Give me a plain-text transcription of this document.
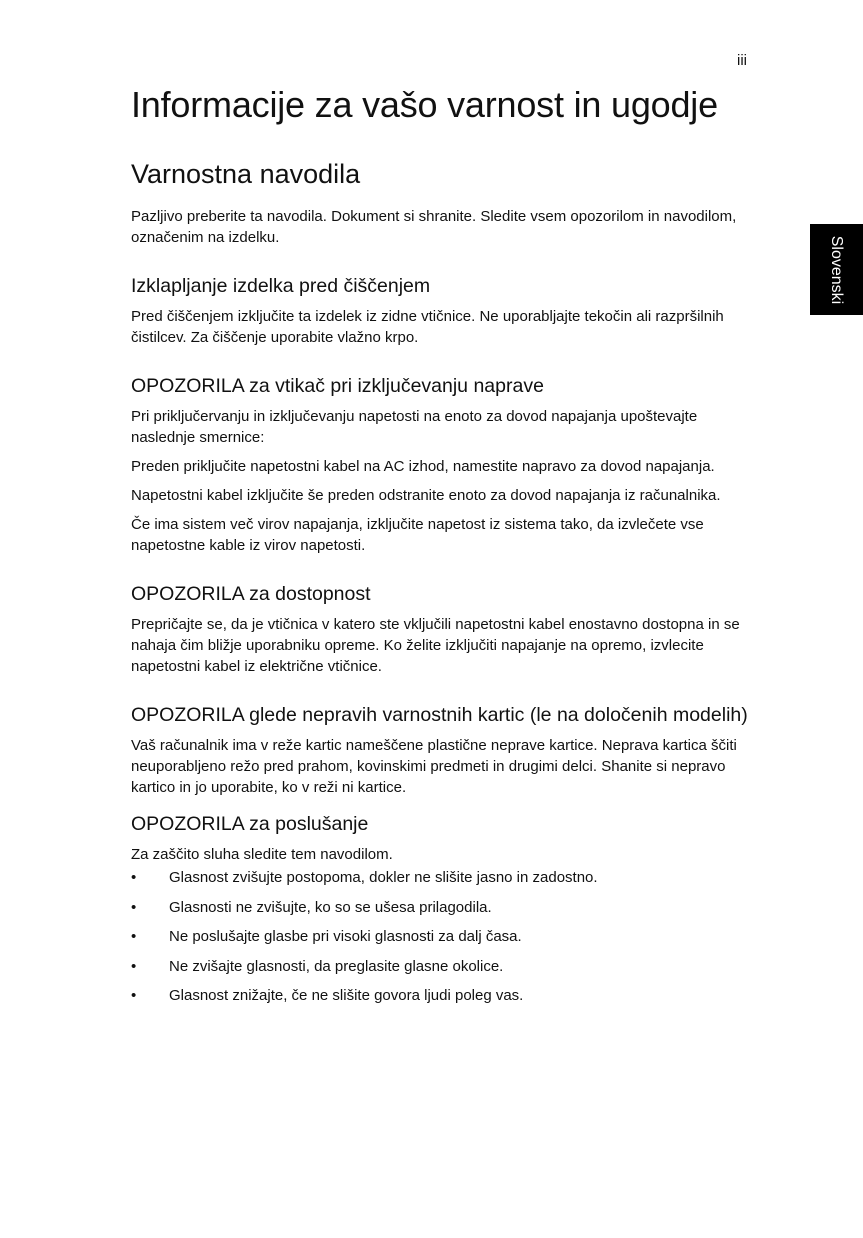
iii
Slovenski
Informacije za vašo varnost in ugodje
Varnostna navodila

Pazljivo preberite ta navodila. Dokument si shranite. Sledite vsem opozorilom in navodilom, označenim na izdelku.

Izklapljanje izdelka pred čiščenjem

Pred čiščenjem izključite ta izdelek iz zidne vtičnice. Ne uporabljajte tekočin ali razpršilnih čistilcev. Za čiščenje uporabite vlažno krpo.

OPOZORILA za vtikač pri izključevanju naprave

Pri priključervanju in izključevanju napetosti na enoto za dovod napajanja upoštevajte naslednje smernice:

Preden priključite napetostni kabel na AC izhod, namestite napravo za dovod napajanja.

Napetostni kabel izključite še preden odstranite enoto za dovod napajanja iz računalnika.

Če ima sistem več virov napajanja, izključite napetost iz sistema tako, da izvlečete vse napetostne kable iz virov napetosti.

OPOZORILA za dostopnost

Prepričajte se, da je vtičnica v katero ste vključili napetostni kabel enostavno dostopna in se nahaja čim bližje uporabniku opreme. Ko želite izključiti napajanje na opremo, izvlecite napetostni kabel iz električne vtičnice.

OPOZORILA glede nepravih varnostnih kartic (le na določenih modelih)

Vaš računalnik ima v reže kartic nameščene plastične neprave kartice. Neprava kartica ščiti neuporabljeno režo pred prahom, kovinskimi predmeti in drugimi delci. Shanite si nepravo kartico in jo uporabite, ko v reži ni kartice.

OPOZORILA za poslušanje

Za zaščito sluha sledite tem navodilom.

• Glasnost zvišujte postopoma, dokler ne slišite jasno in zadostno.
• Glasnosti ne zvišujte, ko so se ušesa prilagodila.
• Ne poslušajte glasbe pri visoki glasnosti za dalj časa.
• Ne zvišajte glasnosti, da preglasite glasne okolice.
• Glasnost znižajte, če ne slišite govora ljudi poleg vas.
